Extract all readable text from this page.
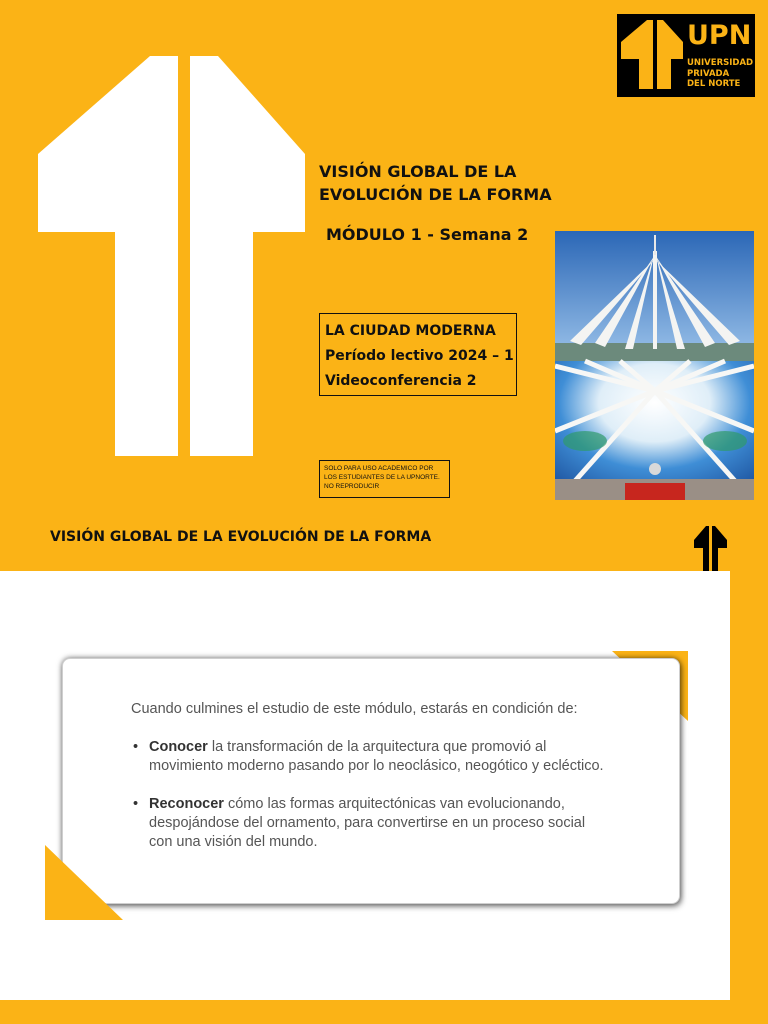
UPN
UNIVERSIDAD
PRIVADA
DEL NORTE
VISIÓN GLOBAL DE LA
EVOLUCIÓN DE LA FORMA
MÓDULO 1 - Semana 2
LA CIUDAD MODERNA
Período lectivo 2024 – 1
Videoconferencia 2
SOLO PARA USO ACADEMICO POR LOS ESTUDIANTES DE LA UPNORTE. NO REPRODUCIR
VISIÓN GLOBAL DE LA EVOLUCIÓN DE LA FORMA
Cuando culmines el estudio de este módulo, estarás en condición de:
• Conocer la transformación de la arquitectura que promovió al movimiento moderno pasando por lo neoclásico, neogótico y ecléctico.
• Reconocer cómo las formas arquitectónicas van evolucionando, despojándose del ornamento, para convertirse en un proceso social con una visión del mundo.
